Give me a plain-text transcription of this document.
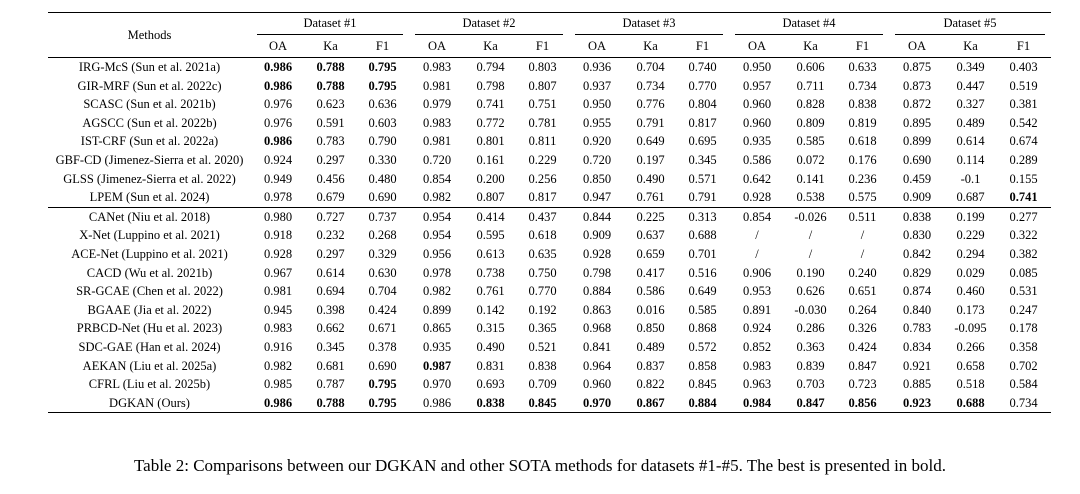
Methods	Dataset #1			Dataset #2			Dataset #3			Dataset #4			Dataset #5		

	OA	Ka	F1	OA	Ka	F1	OA	Ka	F1	OA	Ka	F1	OA	Ka	F1
IRG-McS (Sun et al. 2021a)	0.986	0.788	0.795	0.983	0.794	0.803	0.936	0.704	0.740	0.950	0.606	0.633	0.875	0.349	0.403
GIR-MRF (Sun et al. 2022c)	0.986	0.788	0.795	0.981	0.798	0.807	0.937	0.734	0.770	0.957	0.711	0.734	0.873	0.447	0.519
SCASC (Sun et al. 2021b)	0.976	0.623	0.636	0.979	0.741	0.751	0.950	0.776	0.804	0.960	0.828	0.838	0.872	0.327	0.381
AGSCC (Sun et al. 2022b)	0.976	0.591	0.603	0.983	0.772	0.781	0.955	0.791	0.817	0.960	0.809	0.819	0.895	0.489	0.542
IST-CRF (Sun et al. 2022a)	0.986	0.783	0.790	0.981	0.801	0.811	0.920	0.649	0.695	0.935	0.585	0.618	0.899	0.614	0.674
GBF-CD (Jimenez-Sierra et al. 2020)	0.924	0.297	0.330	0.720	0.161	0.229	0.720	0.197	0.345	0.586	0.072	0.176	0.690	0.114	0.289
GLSS (Jimenez-Sierra et al. 2022)	0.949	0.456	0.480	0.854	0.200	0.256	0.850	0.490	0.571	0.642	0.141	0.236	0.459	-0.1	0.155
LPEM (Sun et al. 2024)	0.978	0.679	0.690	0.982	0.807	0.817	0.947	0.761	0.791	0.928	0.538	0.575	0.909	0.687	0.741
CANet (Niu et al. 2018)	0.980	0.727	0.737	0.954	0.414	0.437	0.844	0.225	0.313	0.854	-0.026	0.511	0.838	0.199	0.277
X-Net (Luppino et al. 2021)	0.918	0.232	0.268	0.954	0.595	0.618	0.909	0.637	0.688	/	/	/	0.830	0.229	0.322
ACE-Net (Luppino et al. 2021)	0.928	0.297	0.329	0.956	0.613	0.635	0.928	0.659	0.701	/	/	/	0.842	0.294	0.382
CACD (Wu et al. 2021b)	0.967	0.614	0.630	0.978	0.738	0.750	0.798	0.417	0.516	0.906	0.190	0.240	0.829	0.029	0.085
SR-GCAE (Chen et al. 2022)	0.981	0.694	0.704	0.982	0.761	0.770	0.884	0.586	0.649	0.953	0.626	0.651	0.874	0.460	0.531
BGAAE (Jia et al. 2022)	0.945	0.398	0.424	0.899	0.142	0.192	0.863	0.016	0.585	0.891	-0.030	0.264	0.840	0.173	0.247
PRBCD-Net (Hu et al. 2023)	0.983	0.662	0.671	0.865	0.315	0.365	0.968	0.850	0.868	0.924	0.286	0.326	0.783	-0.095	0.178
SDC-GAE (Han et al. 2024)	0.916	0.345	0.378	0.935	0.490	0.521	0.841	0.489	0.572	0.852	0.363	0.424	0.834	0.266	0.358
AEKAN (Liu et al. 2025a)	0.982	0.681	0.690	0.987	0.831	0.838	0.964	0.837	0.858	0.983	0.839	0.847	0.921	0.658	0.702
CFRL (Liu et al. 2025b)	0.985	0.787	0.795	0.970	0.693	0.709	0.960	0.822	0.845	0.963	0.703	0.723	0.885	0.518	0.584
DGKAN (Ours)	0.986	0.788	0.795	0.986	0.838	0.845	0.970	0.867	0.884	0.984	0.847	0.856	0.923	0.688	0.734
Table 2: Comparisons between our DGKAN and other SOTA methods for datasets #1-#5. The best is presented in bold.
